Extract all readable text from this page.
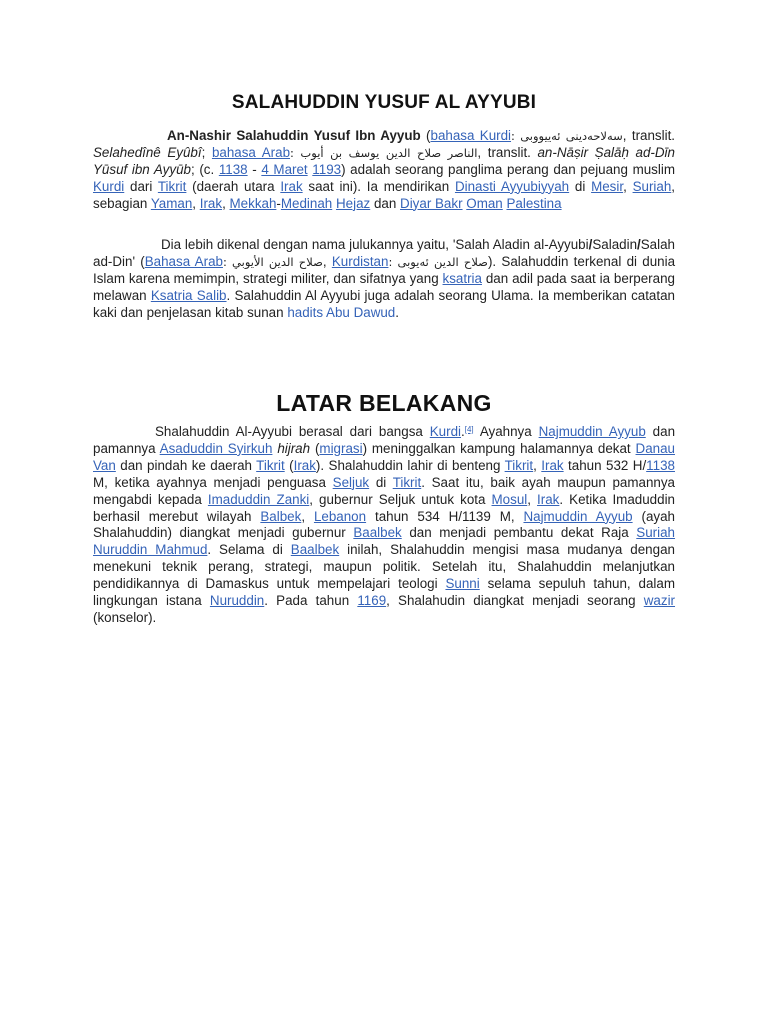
SALAHUDDIN YUSUF AL AYYUBI

An-Nashir Salahuddin Yusuf Ibn Ayyub (bahasa Kurdi: سەلاحەدینی ئەییووبی, translit. Selahedînê Eyûbî; bahasa Arab: الناصر صلاح الدين يوسف بن أيوب, translit. an-Nāṣir Ṣalāḥ ad-Dīn Yūsuf ibn Ayyūb; (c. 1138 - 4 Maret 1193) adalah seorang panglima perang dan pejuang muslim Kurdi dari Tikrit (daerah utara Irak saat ini). Ia mendirikan Dinasti Ayyubiyyah di Mesir, Suriah, sebagian Yaman, Irak, Mekkah-Medinah Hejaz dan Diyar Bakr Oman Palestina

Dia lebih dikenal dengan nama julukannya yaitu, 'Salah Aladin al-Ayyubi/Saladin/Salah ad-Din' (Bahasa Arab: صلاح الدين الأيوبي, Kurdistan: صلاح الدين ئەیوبی). Salahuddin terkenal di dunia Islam karena memimpin, strategi militer, dan sifatnya yang ksatria dan adil pada saat ia berperang melawan Ksatria Salib. Salahuddin Al Ayyubi juga adalah seorang Ulama. Ia memberikan catatan kaki dan penjelasan kitab sunan hadits Abu Dawud.

LATAR BELAKANG

Shalahuddin Al-Ayyubi berasal dari bangsa Kurdi.[4] Ayahnya Najmuddin Ayyub dan pamannya Asaduddin Syirkuh hijrah (migrasi) meninggalkan kampung halamannya dekat Danau Van dan pindah ke daerah Tikrit (Irak). Shalahuddin lahir di benteng Tikrit, Irak tahun 532 H/1138 M, ketika ayahnya menjadi penguasa Seljuk di Tikrit. Saat itu, baik ayah maupun pamannya mengabdi kepada Imaduddin Zanki, gubernur Seljuk untuk kota Mosul, Irak. Ketika Imaduddin berhasil merebut wilayah Balbek, Lebanon tahun 534 H/1139 M, Najmuddin Ayyub (ayah Shalahuddin) diangkat menjadi gubernur Baalbek dan menjadi pembantu dekat Raja Suriah Nuruddin Mahmud. Selama di Baalbek inilah, Shalahuddin mengisi masa mudanya dengan menekuni teknik perang, strategi, maupun politik. Setelah itu, Shalahuddin melanjutkan pendidikannya di Damaskus untuk mempelajari teologi Sunni selama sepuluh tahun, dalam lingkungan istana Nuruddin. Pada tahun 1169, Shalahudin diangkat menjadi seorang wazir (konselor).
